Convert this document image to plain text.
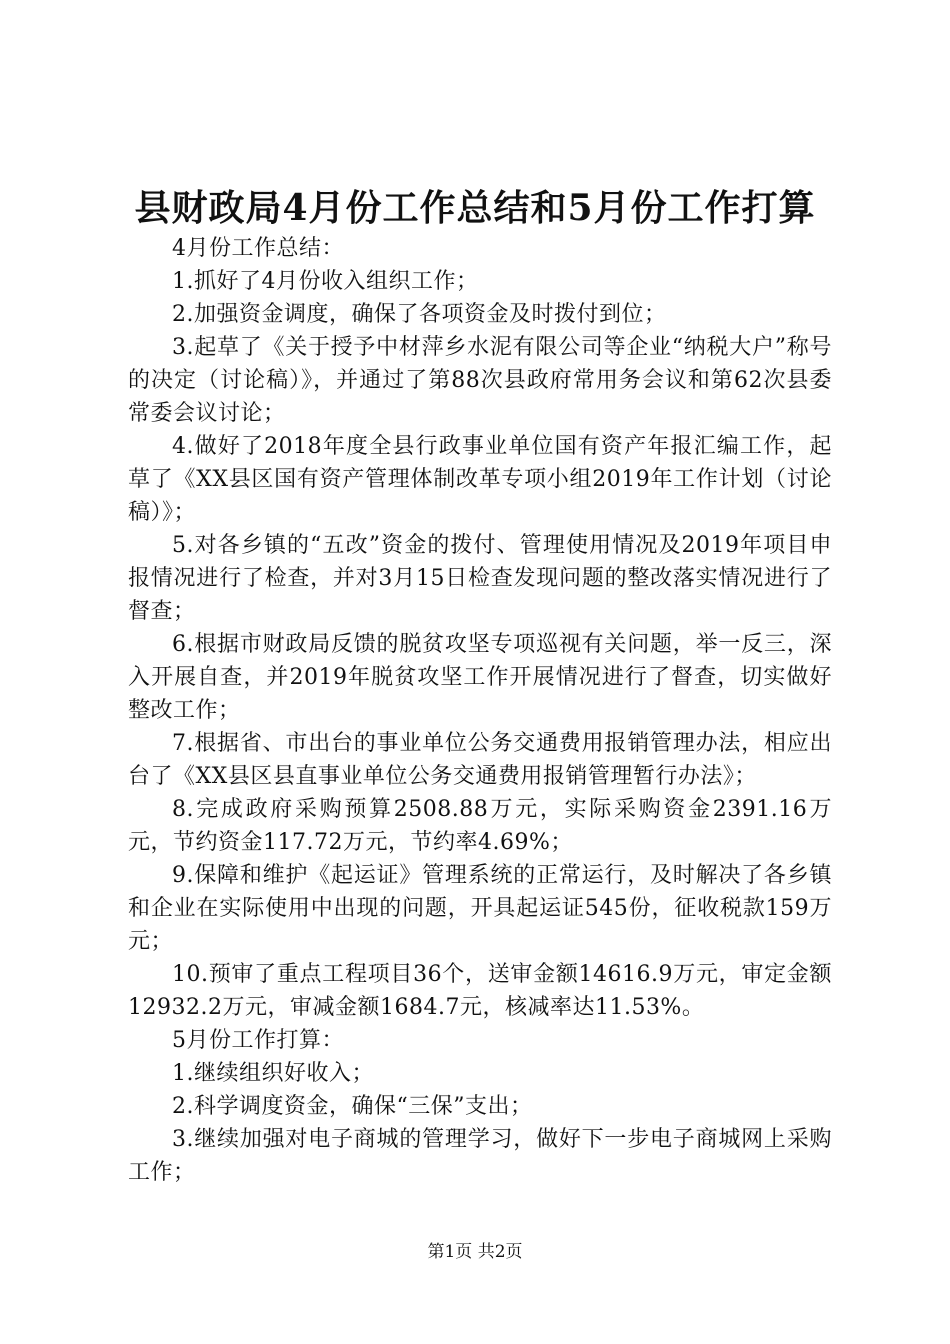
县财政局4月份工作总结和5月份工作打算

4月份工作总结：

1.抓好了4月份收入组织工作；

2.加强资金调度，确保了各项资金及时拨付到位；

3.起草了《关于授予中材萍乡水泥有限公司等企业“纳税大户”称号的决定（讨论稿）》，并通过了第88次县政府常用务会议和第62次县委常委会议讨论；

4.做好了2018年度全县行政事业单位国有资产年报汇编工作，起草了《XX县区国有资产管理体制改革专项小组2019年工作计划（讨论稿）》；

5.对各乡镇的“五改”资金的拨付、管理使用情况及2019年项目申报情况进行了检查，并对3月15日检查发现问题的整改落实情况进行了督查；

6.根据市财政局反馈的脱贫攻坚专项巡视有关问题，举一反三，深入开展自查，并2019年脱贫攻坚工作开展情况进行了督查，切实做好整改工作；

7.根据省、市出台的事业单位公务交通费用报销管理办法，相应出台了《XX县区县直事业单位公务交通费用报销管理暂行办法》；

8.完成政府采购预算2508.88万元，实际采购资金2391.16万元，节约资金117.72万元，节约率4.69%；

9.保障和维护《起运证》管理系统的正常运行，及时解决了各乡镇和企业在实际使用中出现的问题，开具起运证545份，征收税款159万元；

10.预审了重点工程项目36个，送审金额14616.9万元，审定金额12932.2万元，审减金额1684.7元，核减率达11.53%。

5月份工作打算：

1.继续组织好收入；

2.科学调度资金，确保“三保”支出；

3.继续加强对电子商城的管理学习，做好下一步电子商城网上采购工作；

第1页 共2页
